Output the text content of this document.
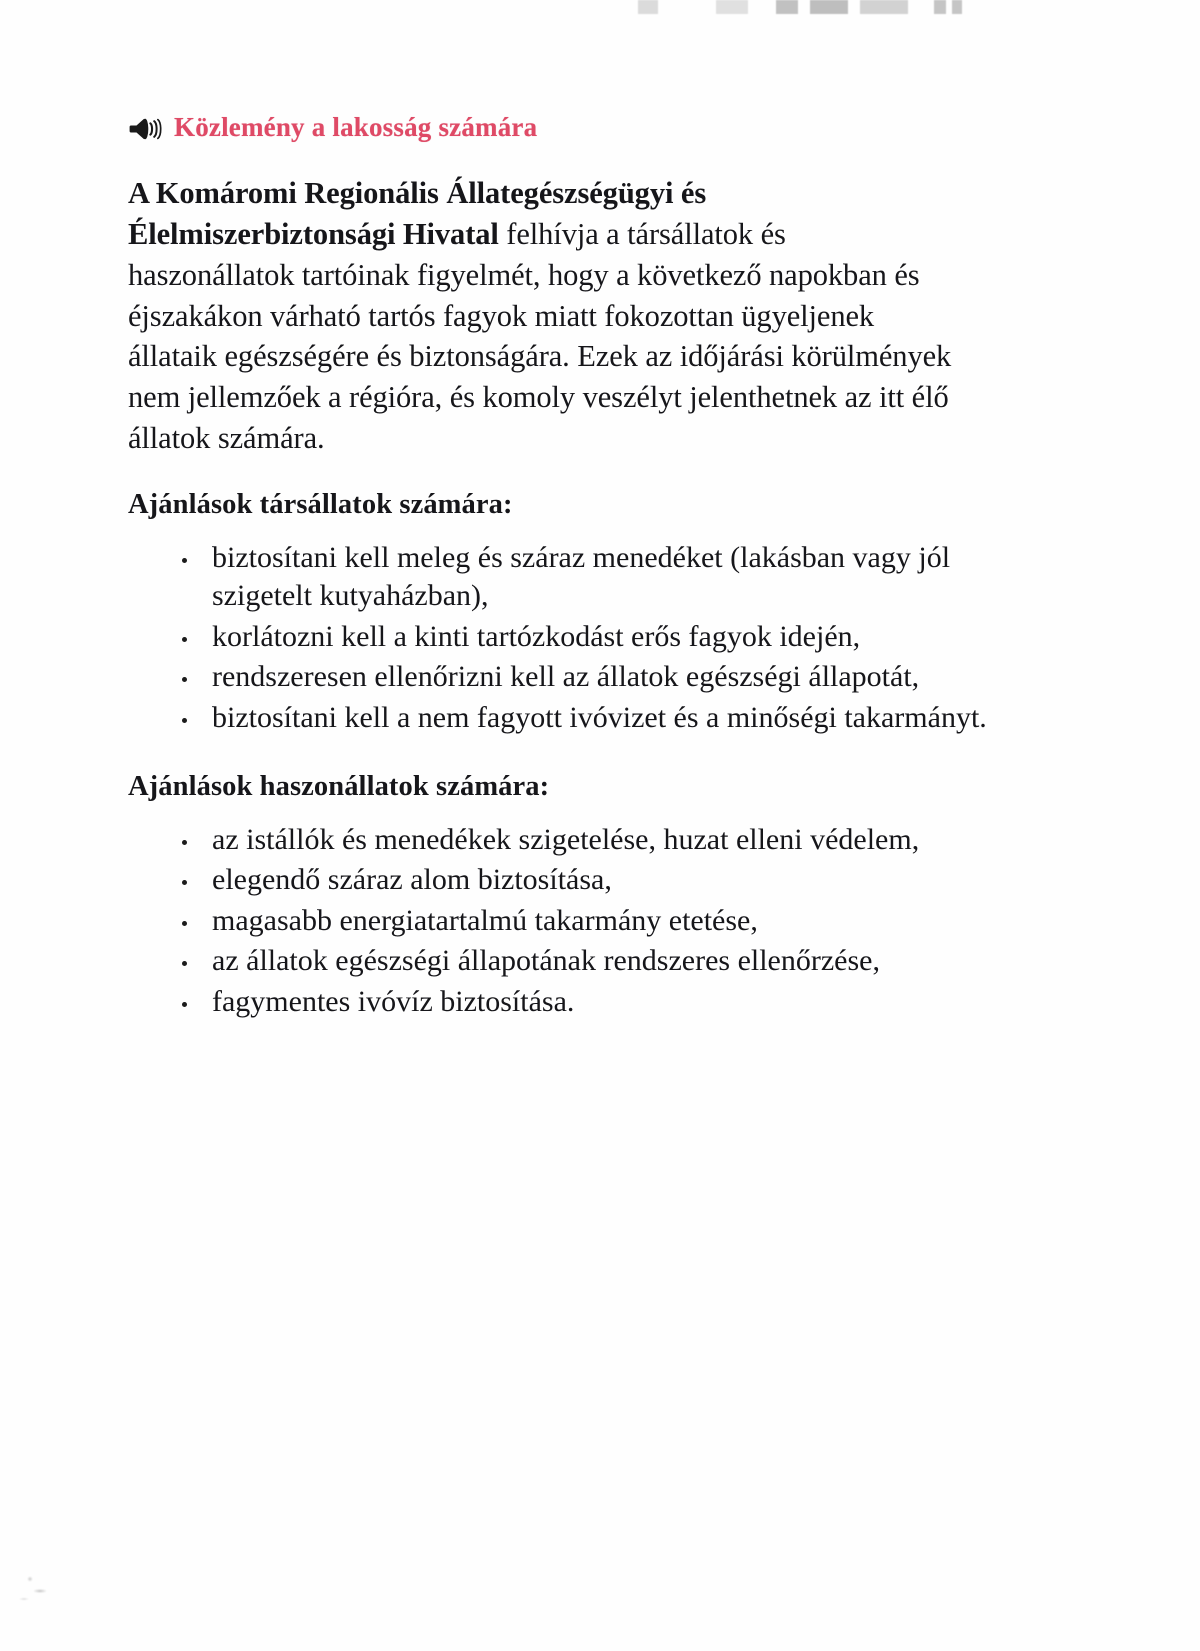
Közlemény a lakosság számára

A Komáromi Regionális Állategészségügyi és Élelmiszerbiztonsági Hivatal felhívja a társállatok és haszonállatok tartóinak figyelmét, hogy a következő napokban és éjszakákon várható tartós fagyok miatt fokozottan ügyeljenek állataik egészségére és biztonságára. Ezek az időjárási körülmények nem jellemzőek a régióra, és komoly veszélyt jelenthetnek az itt élő állatok számára.

Ajánlások társállatok számára:
biztosítani kell meleg és száraz menedéket (lakásban vagy jól szigetelt kutyaházban),
korlátozni kell a kinti tartózkodást erős fagyok idején,
rendszeresen ellenőrizni kell az állatok egészségi állapotát,
biztosítani kell a nem fagyott ivóvizet és a minőségi takarmányt.
Ajánlások haszonállatok számára:
az istállók és menedékek szigetelése, huzat elleni védelem,
elegendő száraz alom biztosítása,
magasabb energiatartalmú takarmány etetése,
az állatok egészségi állapotának rendszeres ellenőrzése,
fagymentes ivóvíz biztosítása.
